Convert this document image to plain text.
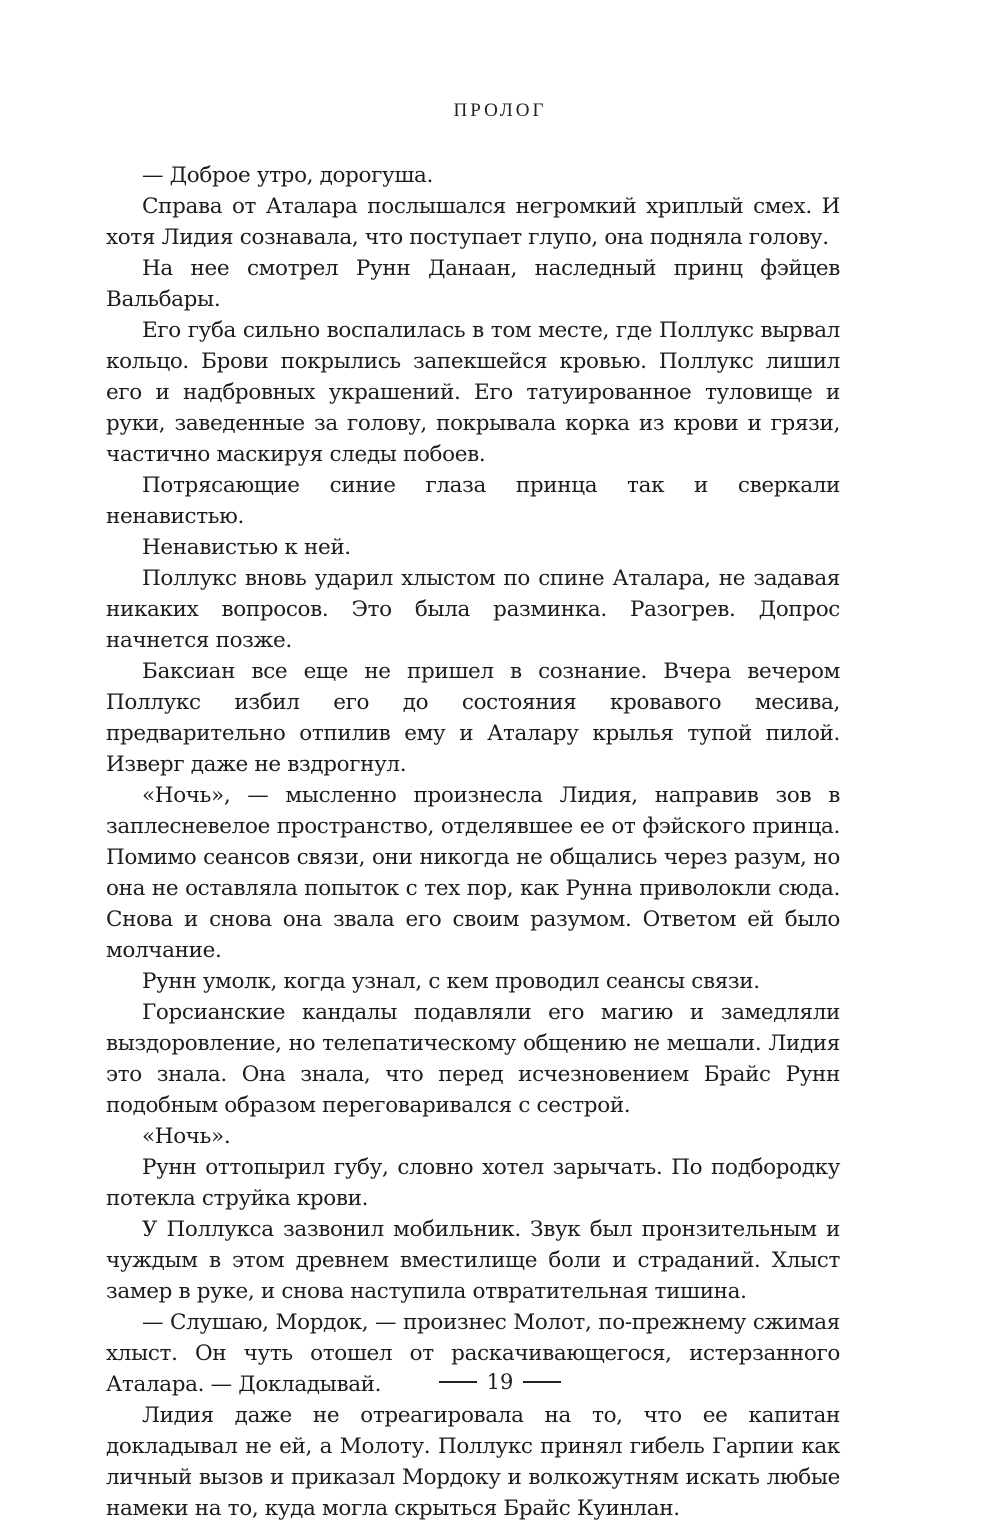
ПРОЛОГ

— Доброе утро, дорогуша.

Справа от Аталара послышался негромкий хриплый смех. И хотя Лидия сознавала, что поступает глупо, она подняла голову.

На нее смотрел Рунн Данаан, наследный принц фэйцев Вальбары.

Его губа сильно воспалилась в том месте, где Поллукс вырвал кольцо. Брови покрылись запекшейся кровью. Поллукс лишил его и надбровных украшений. Его татуированное туловище и руки, заведенные за голову, покрывала корка из крови и грязи, частично маскируя следы побоев.

Потрясающие синие глаза принца так и сверкали ненавистью.

Ненавистью к ней.

Поллукс вновь ударил хлыстом по спине Аталара, не задавая никаких вопросов. Это была разминка. Разогрев. Допрос начнется позже.

Баксиан все еще не пришел в сознание. Вчера вечером Поллукс избил его до состояния кровавого месива, предварительно отпилив ему и Аталару крылья тупой пилой. Изверг даже не вздрогнул.

«Ночь», — мысленно произнесла Лидия, направив зов в заплесневелое пространство, отделявшее ее от фэйского принца. Помимо сеансов связи, они никогда не общались через разум, но она не оставляла попыток с тех пор, как Рунна приволокли сюда. Снова и снова она звала его своим разумом. Ответом ей было молчание.

Рунн умолк, когда узнал, с кем проводил сеансы связи.

Горсианские кандалы подавляли его магию и замедляли выздоровление, но телепатическому общению не мешали. Лидия это знала. Она знала, что перед исчезновением Брайс Рунн подобным образом переговаривался с сестрой.

«Ночь».

Рунн оттопырил губу, словно хотел зарычать. По подбородку потекла струйка крови.

У Поллукса зазвонил мобильник. Звук был пронзительным и чуждым в этом древнем вместилище боли и страданий. Хлыст замер в руке, и снова наступила отвратительная тишина.

— Слушаю, Мордок, — произнес Молот, по-прежнему сжимая хлыст. Он чуть отошел от раскачивающегося, истерзанного Аталара. — Докладывай.

Лидия даже не отреагировала на то, что ее капитан докладывал не ей, а Молоту. Поллукс принял гибель Гарпии как личный вызов и приказал Мордоку и волкожутням искать любые намеки на то, куда могла скрыться Брайс Куинлан.

19
